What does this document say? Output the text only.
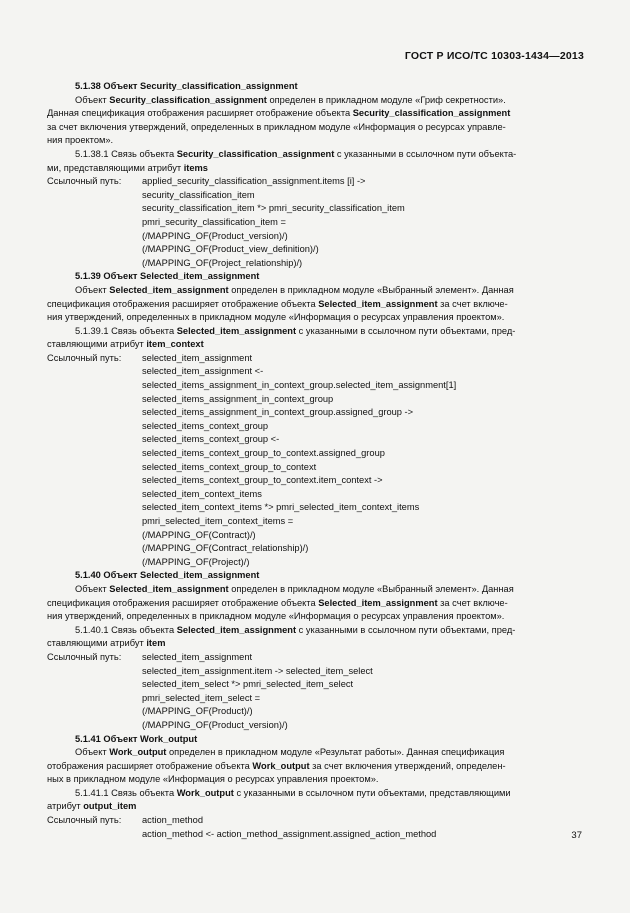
ГОСТ Р ИСО/ТС 10303-1434—2013
5.1.38 Объект Security_classification_assignment
Объект Security_classification_assignment определен в прикладном модуле «Гриф секретности».
Данная спецификация отображения расширяет отображение объекта Security_classification_assignment
за счет включения утверждений, определенных в прикладном модуле «Информация о ресурсах управле-
ния проектом».
5.1.38.1 Связь объекта Security_classification_assignment с указанными в ссылочном пути объекта-
ми, представляющими атрибут items
Ссылочный путь: applied_security_classification_assignment.items [i] ->
security_classification_item
security_classification_item *> pmri_security_classification_item
pmri_security_classification_item =
(/MAPPING_OF(Product_version)/)
(/MAPPING_OF(Product_view_definition)/)
(/MAPPING_OF(Project_relationship)/)
5.1.39 Объект Selected_item_assignment
Объект Selected_item_assignment определен в прикладном модуле «Выбранный элемент». Данная
спецификация отображения расширяет отображение объекта Selected_item_assignment за счет включе-
ния утверждений, определенных в прикладном модуле «Информация о ресурсах управления проектом».
5.1.39.1 Связь объекта Selected_item_assignment с указанными в ссылочном пути объектами, пред-
ставляющими атрибут item_context
Ссылочный путь: selected_item_assignment
selected_item_assignment <-
selected_items_assignment_in_context_group.selected_item_assignment[1]
selected_items_assignment_in_context_group
selected_items_assignment_in_context_group.assigned_group ->
selected_items_context_group
selected_items_context_group <-
selected_items_context_group_to_context.assigned_group
selected_items_context_group_to_context
selected_items_context_group_to_context.item_context ->
selected_item_context_items
selected_item_context_items *> pmri_selected_item_context_items
pmri_selected_item_context_items =
(/MAPPING_OF(Contract)/)
(/MAPPING_OF(Contract_relationship)/)
(/MAPPING_OF(Project)/)
5.1.40 Объект Selected_item_assignment
Объект Selected_item_assignment определен в прикладном модуле «Выбранный элемент». Данная
спецификация отображения расширяет отображение объекта Selected_item_assignment за счет включе-
ния утверждений, определенных в прикладном модуле «Информация о ресурсах управления проектом».
5.1.40.1 Связь объекта Selected_item_assignment с указанными в ссылочном пути объектами, пред-
ставляющими атрибут item
Ссылочный путь: selected_item_assignment
selected_item_assignment.item -> selected_item_select
selected_item_select *> pmri_selected_item_select
pmri_selected_item_select =
(/MAPPING_OF(Product)/)
(/MAPPING_OF(Product_version)/)
5.1.41 Объект Work_output
Объект Work_output определен в прикладном модуле «Результат работы». Данная спецификация
отображения расширяет отображение объекта Work_output за счет включения утверждений, определен-
ных в прикладном модуле «Информация о ресурсах управления проектом».
5.1.41.1 Связь объекта Work_output с указанными в ссылочном пути объектами, представляющими
атрибут output_item
Ссылочный путь: action_method
action_method <- action_method_assignment.assigned_action_method	37
